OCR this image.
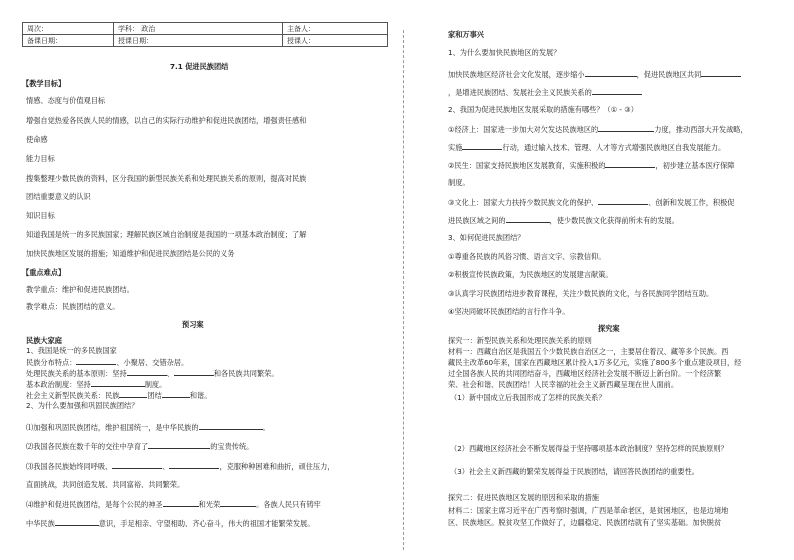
周次：	学科： 政治	主备人：
备课日期：	授课日期：	授课人：
7.1 促进民族团结
【教学目标】
情感、态度与价值观目标
增强自觉热爱各民族人民的情感，以自己的实际行动维护和促进民族团结，增强责任感和
使命感
能力目标
搜集整理少数民族的资料，区分我国的新型民族关系和处理民族关系的原则，提高对民族
团结重要意义的认识
知识目标
知道我国是统一的多民族国家；理解民族区域自治制度是我国的一项基本政治制度；了解
加快民族地区发展的措施；知道维护和促进民族团结是公民的义务
【重点难点】
教学重点：维护和促进民族团结。
教学难点：民族团结的意义。
预习案
民族大家庭
1、我国是统一的多民族国家
民族分布特点：	、小聚居、交错杂居。
处理民族关系的基本原则：坚持	、	和各民族共同繁荣。
基本政治制度：坚持	制度。
社会主义新型民族关系：民族	团结	和谐。
2、为什么要加强和巩固民族团结？
⑴加强和巩固民族团结，维护祖国统一，是中华民族的	。
⑵我国各民族在数千年的交往中孕育了	的宝贵传统。
⑶我国各民族始终同呼吸、	、	，克服种种困难和曲折，顽住压力，
直面挑战，共同创造发展、共同富裕、共同繁荣。
⑷维护和促进民族团结，是每个公民的神圣	和光荣	。各族人民只有铸牢
中华民族	意识，手足相亲、守望相助、齐心奋斗，伟大的祖国才能繁荣发展。
家和万事兴
1、为什么要加快民族地区的发展？
加快民族地区经济社会文化发展，逐步缩小	，促进民族地区共同
，是增进民族团结、发展社会主义民族关系的
2、我国为促进民族地区发展采取的措施有哪些？（① - ③）
①经济上：国家进一步加大对欠发达民族地区的	力度，推动西部大开发战略，
实施	行动，通过输入技术、管理、人才等方式增强民族地区自我发展能力。
②民生：国家支持民族地区发展教育，实施积极的	，初步建立基本医疗保障
制度。
③文化上：国家大力扶持少数民族文化的保护、	、创新和发展工作，积极促
进民族区域之间的	，使少数民族文化获得前所未有的发展。
3、如何促进民族团结？
①尊重各民族的风俗习惯、语言文字、宗教信仰。
②积极宣传民族政策，为民族地区的发展建言献策。
③认真学习民族团结进步教育课程，关注少数民族的文化，与各民族同学团结互助。
④坚决同破坏民族团结的言行作斗争。
探究案
探究一：新型民族关系和处理民族关系的原则
材料一：西藏自治区是我国五个少数民族自治区之一，主要居住着汉、藏等多个民族。西
藏民主改革60年来，国家在西藏地区累计投入1万多亿元，实施了800多个重点建设项目，经
过全国各族人民的共同团结奋斗，西藏地区经济社会发展不断迈上新台阶。一个经济繁
荣、社会和谐、民族团结！人民幸福的社会主义新西藏呈现在世人面前。
（1）新中国成立后我国形成了怎样的民族关系？
（2）西藏地区经济社会不断发展得益于坚持哪项基本政治制度？坚持怎样的民族原则？
（3）社会主义新西藏的繁荣发展得益于民族团结，请回答民族团结的重要性。
探究二：促进民族地区发展的原因和采取的措施
材料二：国家主席习近平在广西考察时强调，广西是革命老区，是贫困地区，也是边境地
区、民族地区。脱贫攻坚工作做好了，边疆稳定、民族团结就有了坚实基础。加快脱贫
